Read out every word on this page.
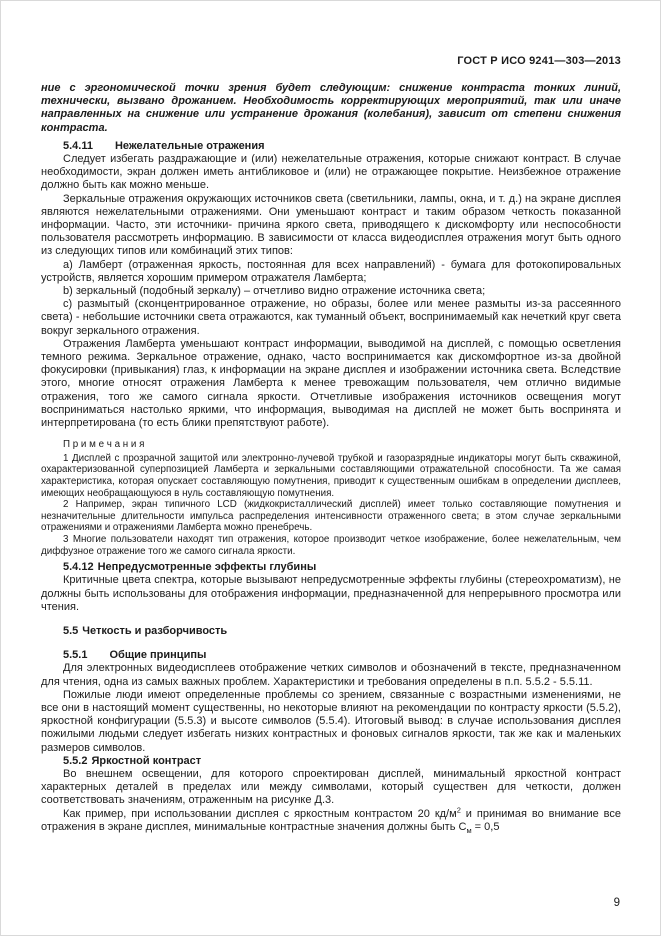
ГОСТ Р ИСО 9241—303—2013

ние с эргономической точки зрения будет следующим: снижение контраста тонких линий, технически, вызвано дрожанием. Необходимость корректирующих мероприятий, так или иначе направленных на снижение или устранение дрожания (колебания), зависит от степени снижения контраста.

5.4.11 Нежелательные отражения

Следует избегать раздражающие и (или) нежелательные отражения, которые снижают контраст. В случае необходимости, экран должен иметь антибликовое и (или) не отражающее покрытие. Неизбежное отражение должно быть как можно меньше.

Зеркальные отражения окружающих источников света (светильники, лампы, окна, и т. д.) на экране дисплея являются нежелательными отражениями. Они уменьшают контраст и таким образом четкость показанной информации. Часто, эти источники- причина яркого света, приводящего к дискомфорту или неспособности пользователя рассмотреть информацию. В зависимости от класса видеодисплея отражения могут быть одного из следующих типов или комбинаций этих типов:

а) Ламберт (отраженная яркость, постоянная для всех направлений) - бумага для фотокопировальных устройств, является хорошим примером отражателя Ламберта;

b) зеркальный (подобный зеркалу) – отчетливо видно отражение источника света;

с) размытый (сконцентрированное отражение, но образы, более или менее размыты из-за рассеянного света) - небольшие источники света отражаются, как туманный объект, воспринимаемый как нечеткий круг света вокруг зеркального отражения.

Отражения Ламберта уменьшают контраст информации, выводимой на дисплей, с помощью осветления темного режима. Зеркальное отражение, однако, часто воспринимается как дискомфортное из-за двойной фокусировки (привыкания) глаз, к информации на экране дисплея и изображении источника света. Вследствие этого, многие относят отражения Ламберта к менее тревожащим пользователя, чем отлично видимые отражения, того же самого сигнала яркости. Отчетливые изображения источников освещения могут восприниматься настолько яркими, что информация, выводимая на дисплей не может быть воспринята и интерпретирована (то есть блики препятствуют работе).

П р и м е ч а н и я

1 Дисплей с прозрачной защитой или электронно-лучевой трубкой и газоразрядные индикаторы могут быть скважиной, охарактеризованной суперпозицией Ламберта и зеркальными составляющими отражательной способности. Та же самая характеристика, которая опускает составляющую помутнения, приводит к существенным ошибкам в определении дисплеев, имеющих необращающуюся в нуль составляющую помутнения.

2 Например, экран типичного LCD (жидкокристаллический дисплей) имеет только составляющие помутнения и незначительные длительности импульса распределения интенсивности отраженного света; в этом случае зеркальными отражениями и отражениями Ламберта можно пренебречь.

3 Многие пользователи находят тип отражения, которое производит четкое изображение, более нежелательным, чем диффузное отражение того же самого сигнала яркости.

5.4.12 Непредусмотренные эффекты глубины

Критичные цвета спектра, которые вызывают непредусмотренные эффекты глубины (стереохроматизм), не должны быть использованы для отображения информации, предназначенной для непрерывного просмотра или чтения.

5.5 Четкость и разборчивость

5.5.1 Общие принципы

Для электронных видеодисплеев отображение четких символов и обозначений в тексте, предназначенном для чтения, одна из самых важных проблем. Характеристики и требования определены в п.п. 5.5.2 - 5.5.11.

Пожилые люди имеют определенные проблемы со зрением, связанные с возрастными изменениями, не все они в настоящий момент существенны, но некоторые влияют на рекомендации по контрасту яркости (5.5.2), яркостной конфигурации (5.5.3) и высоте символов (5.5.4). Итоговый вывод: в случае использования дисплея пожилыми людьми следует избегать низких контрастных и фоновых сигналов яркости, так же как и маленьких размеров символов.

5.5.2 Яркостной контраст

Во внешнем освещении, для которого спроектирован дисплей, минимальный яркостной контраст характерных деталей в пределах или между символами, который существен для четкости, должен соответствовать значениям, отраженным на рисунке Д.3.

Как пример, при использовании дисплея с яркостным контрастом 20 $кд/м^2$ и принимая во внимание все отражения в экране дисплея, минимальные контрастные значения должны быть $C_м = 0,5$

9
